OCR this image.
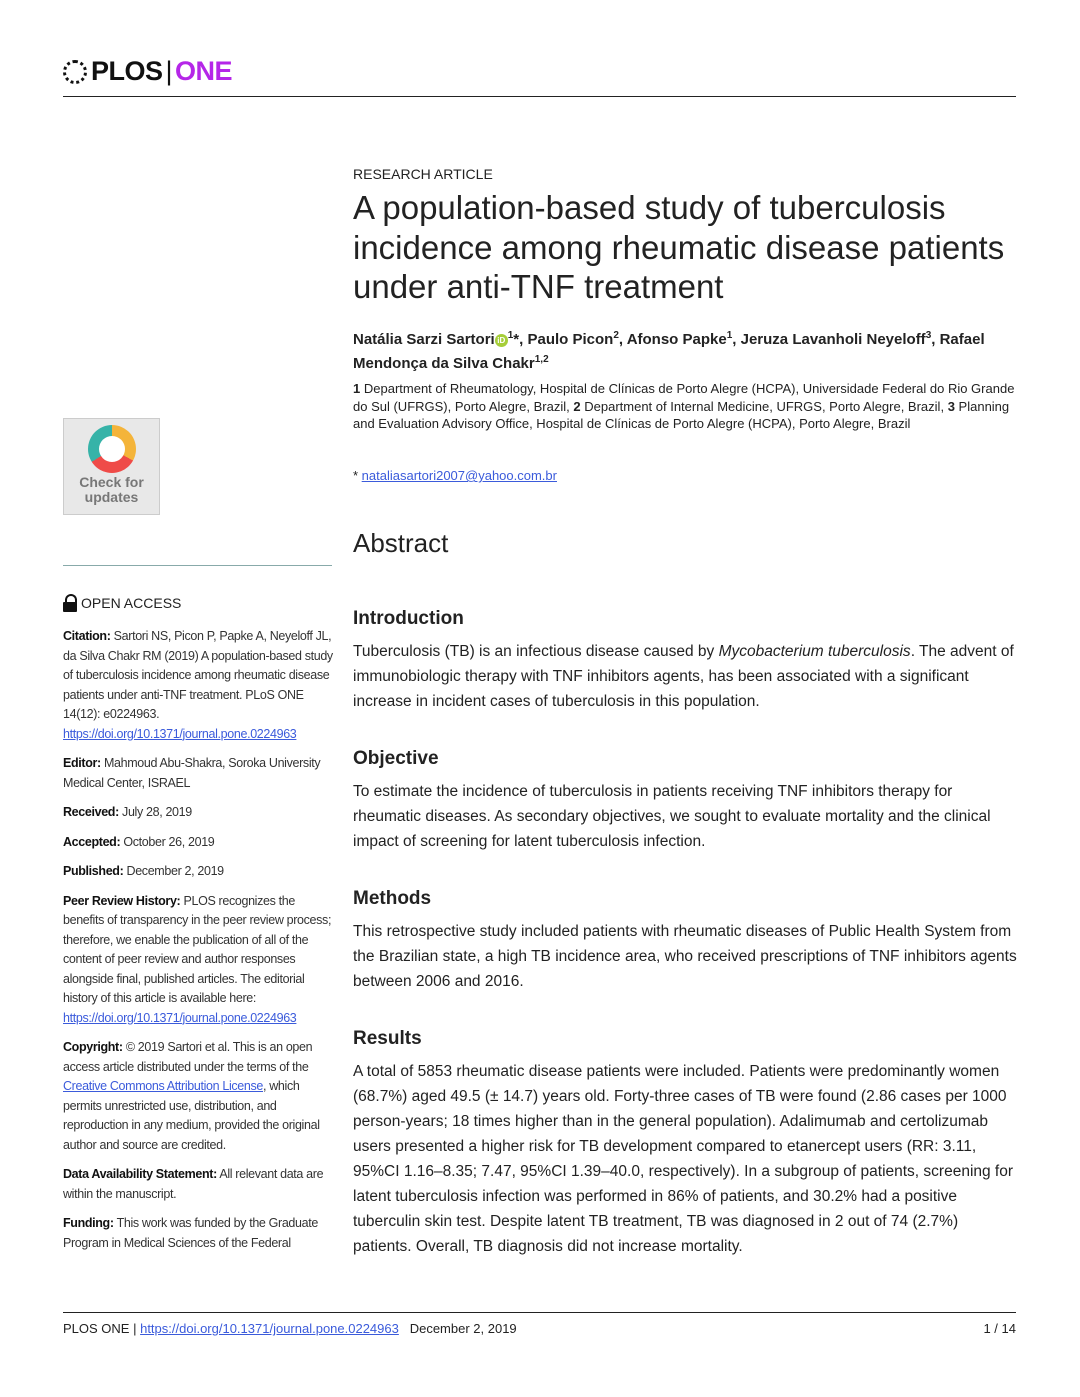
PLOS | ONE
RESEARCH ARTICLE
A population-based study of tuberculosis incidence among rheumatic disease patients under anti-TNF treatment
Natália Sarzi Sartori iD $^1$*, Paulo Picon$^2$, Afonso Papke$^1$, Jeruza Lavanholi Neyeloff$^3$, Rafael Mendonça da Silva Chakr$^{1,2}$
1 Department of Rheumatology, Hospital de Clínicas de Porto Alegre (HCPA), Universidade Federal do Rio Grande do Sul (UFRGS), Porto Alegre, Brazil, 2 Department of Internal Medicine, UFRGS, Porto Alegre, Brazil, 3 Planning and Evaluation Advisory Office, Hospital de Clínicas de Porto Alegre (HCPA), Porto Alegre, Brazil
* nataliasartori2007@yahoo.com.br
Abstract
Introduction

Tuberculosis (TB) is an infectious disease caused by Mycobacterium tuberculosis. The advent of immunobiologic therapy with TNF inhibitors agents, has been associated with a significant increase in incident cases of tuberculosis in this population.

Objective

To estimate the incidence of tuberculosis in patients receiving TNF inhibitors therapy for rheumatic diseases. As secondary objectives, we sought to evaluate mortality and the clinical impact of screening for latent tuberculosis infection.

Methods

This retrospective study included patients with rheumatic diseases of Public Health System from the Brazilian state, a high TB incidence area, who received prescriptions of TNF inhibitors agents between 2006 and 2016.

Results

A total of 5853 rheumatic disease patients were included. Patients were predominantly women (68.7%) aged 49.5 (± 14.7) years old. Forty-three cases of TB were found (2.86 cases per 1000 person-years; 18 times higher than in the general population). Adalimumab and certolizumab users presented a higher risk for TB development compared to etanercept users (RR: 3.11, 95%CI 1.16–8.35; 7.47, 95%CI 1.39–40.0, respectively). In a subgroup of patients, screening for latent tuberculosis infection was performed in 86% of patients, and 30.2% had a positive tuberculin skin test. Despite latent TB treatment, TB was diagnosed in 2 out of 74 (2.7%) patients. Overall, TB diagnosis did not increase mortality.

Check for
updates
OPEN ACCESS

Citation: Sartori NS, Picon P, Papke A, Neyeloff JL, da Silva Chakr RM (2019) A population-based study of tuberculosis incidence among rheumatic disease patients under anti-TNF treatment. PLoS ONE 14(12): e0224963. https://doi.org/10.1371/journal.pone.0224963

Editor: Mahmoud Abu-Shakra, Soroka University Medical Center, ISRAEL

Received: July 28, 2019

Accepted: October 26, 2019

Published: December 2, 2019

Peer Review History: PLOS recognizes the benefits of transparency in the peer review process; therefore, we enable the publication of all of the content of peer review and author responses alongside final, published articles. The editorial history of this article is available here: https://doi.org/10.1371/journal.pone.0224963

Copyright: © 2019 Sartori et al. This is an open access article distributed under the terms of the Creative Commons Attribution License, which permits unrestricted use, distribution, and reproduction in any medium, provided the original author and source are credited.

Data Availability Statement: All relevant data are within the manuscript.

Funding: This work was funded by the Graduate Program in Medical Sciences of the Federal

PLOS ONE | https://doi.org/10.1371/journal.pone.0224963 December 2, 2019	1 / 14
